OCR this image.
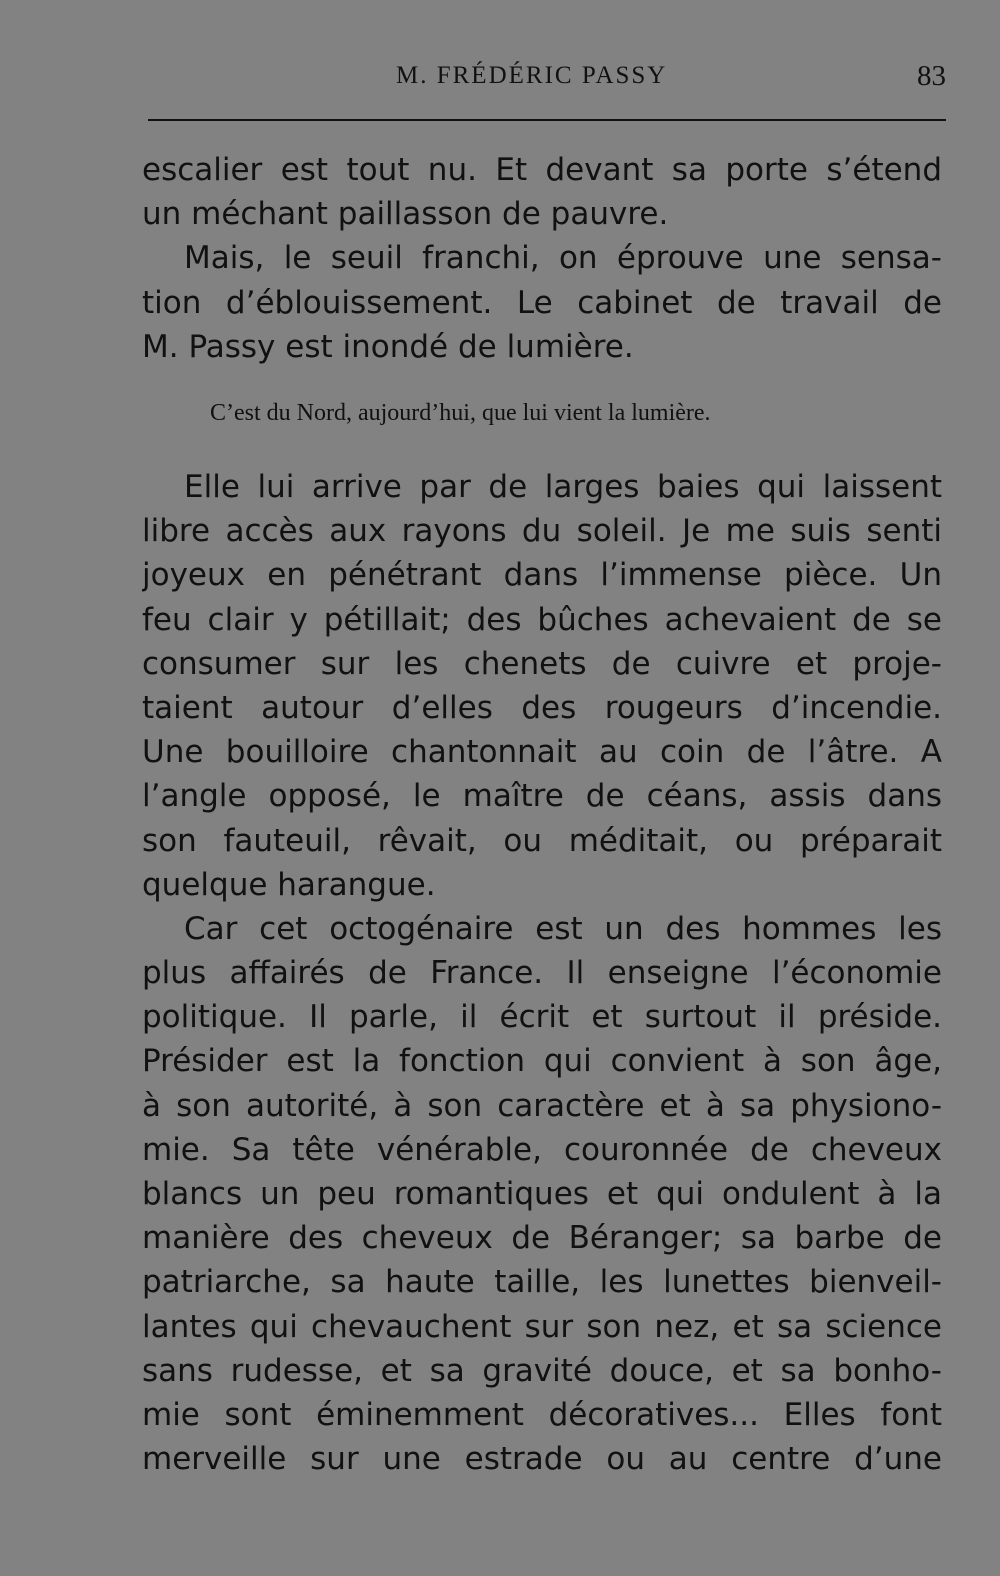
M. FRÉDÉRIC PASSY	83
escalier est tout nu. Et devant sa porte s’étend
un méchant paillasson de pauvre.
Mais, le seuil franchi, on éprouve une sensa-
tion d’éblouissement. Le cabinet de travail de
M. Passy est inondé de lumière.
C’est du Nord, aujourd’hui, que lui vient la lumière.
Elle lui arrive par de larges baies qui laissent
libre accès aux rayons du soleil. Je me suis senti
joyeux en pénétrant dans l’immense pièce. Un
feu clair y pétillait; des bûches achevaient de se
consumer sur les chenets de cuivre et proje-
taient autour d’elles des rougeurs d’incendie.
Une bouilloire chantonnait au coin de l’âtre. A
l’angle opposé, le maître de céans, assis dans
son fauteuil, rêvait, ou méditait, ou préparait
quelque harangue.
Car cet octogénaire est un des hommes les
plus affairés de France. Il enseigne l’économie
politique. Il parle, il écrit et surtout il préside.
Présider est la fonction qui convient à son âge,
à son autorité, à son caractère et à sa physiono-
mie. Sa tête vénérable, couronnée de cheveux
blancs un peu romantiques et qui ondulent à la
manière des cheveux de Béranger; sa barbe de
patriarche, sa haute taille, les lunettes bienveil-
lantes qui chevauchent sur son nez, et sa science
sans rudesse, et sa gravité douce, et sa bonho-
mie sont éminemment décoratives... Elles font
merveille sur une estrade ou au centre d’une
